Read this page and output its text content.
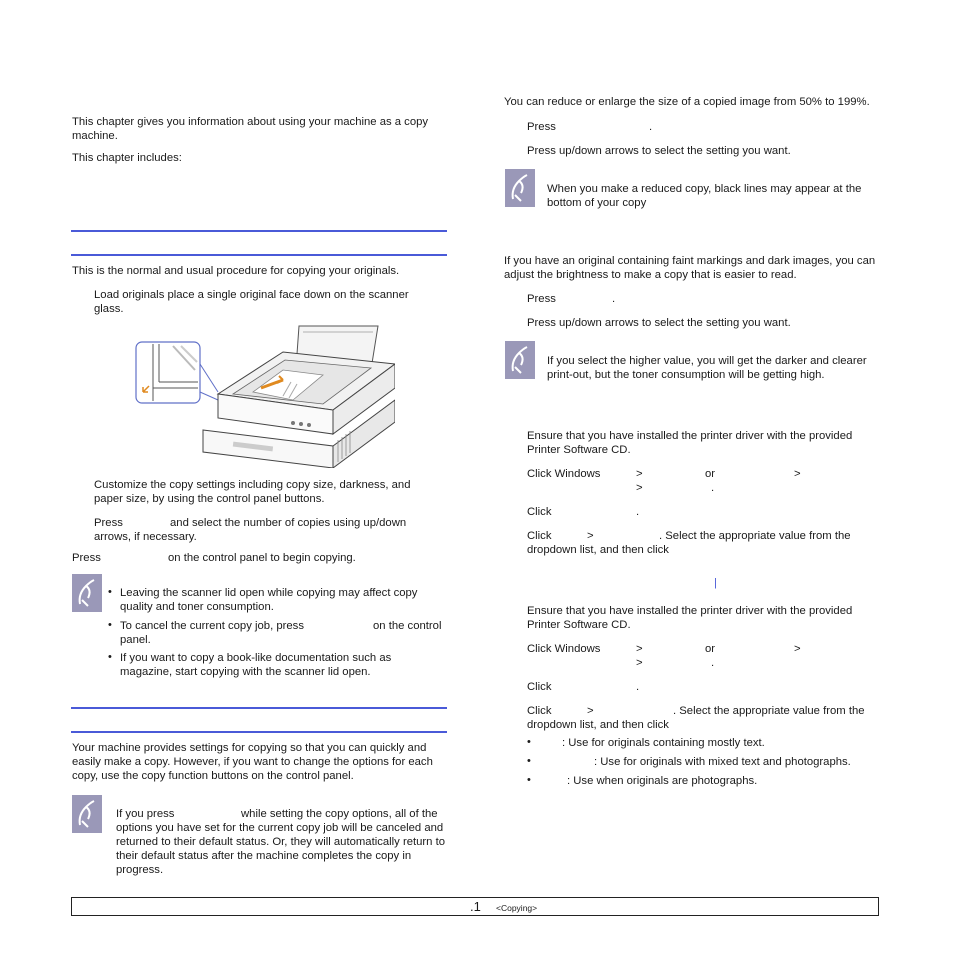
This chapter gives you information about using your machine as a copy machine.
This chapter includes:
This is the normal and usual procedure for copying your originals.
Load originals place a single original face down on the scanner glass.
Customize the copy settings including copy size, darkness, and paper size, by using the control panel buttons.
Press	and select the number of copies using up/down arrows, if necessary.
Press	on the control panel to begin copying.
• Leaving the scanner lid open while copying may affect copy quality and toner consumption.
• To cancel the current copy job, press	on the control panel.
• If you want to copy a book-like documentation such as magazine, start copying with the scanner lid open.
Your machine provides settings for copying so that you can quickly and easily make a copy. However, if you want to change the options for each copy, use the copy function buttons on the control panel.
If you press	while setting the copy options, all of the options you have set for the current copy job will be canceled and returned to their default status. Or, they will automatically return to their default status after the machine completes the copy in progress.
You can reduce or enlarge the size of a copied image from 50% to 199%.
Press	.
Press up/down arrows to select the setting you want.
When you make a reduced copy, black lines may appear at the bottom of your copy
If you have an original containing faint markings and dark images, you can adjust the brightness to make a copy that is easier to read.
Press	.
Press up/down arrows to select the setting you want.
If you select the higher value, you will get the darker and clearer print-out, but the toner consumption will be getting high.
Ensure that you have installed the printer driver with the provided Printer Software CD.
Click Windows	>	or	>
>	.
Click	.
Click	>	. Select the appropriate value from the dropdown list, and then click
|
Ensure that you have installed the printer driver with the provided Printer Software CD.
Click Windows	>	or	>
>	.
Click	.
Click	>	. Select the appropriate value from the dropdown list, and then click
•	: Use for originals containing mostly text.
•	: Use for originals with mixed text and photographs.
•	: Use when originals are photographs.
.1 <Copying>
